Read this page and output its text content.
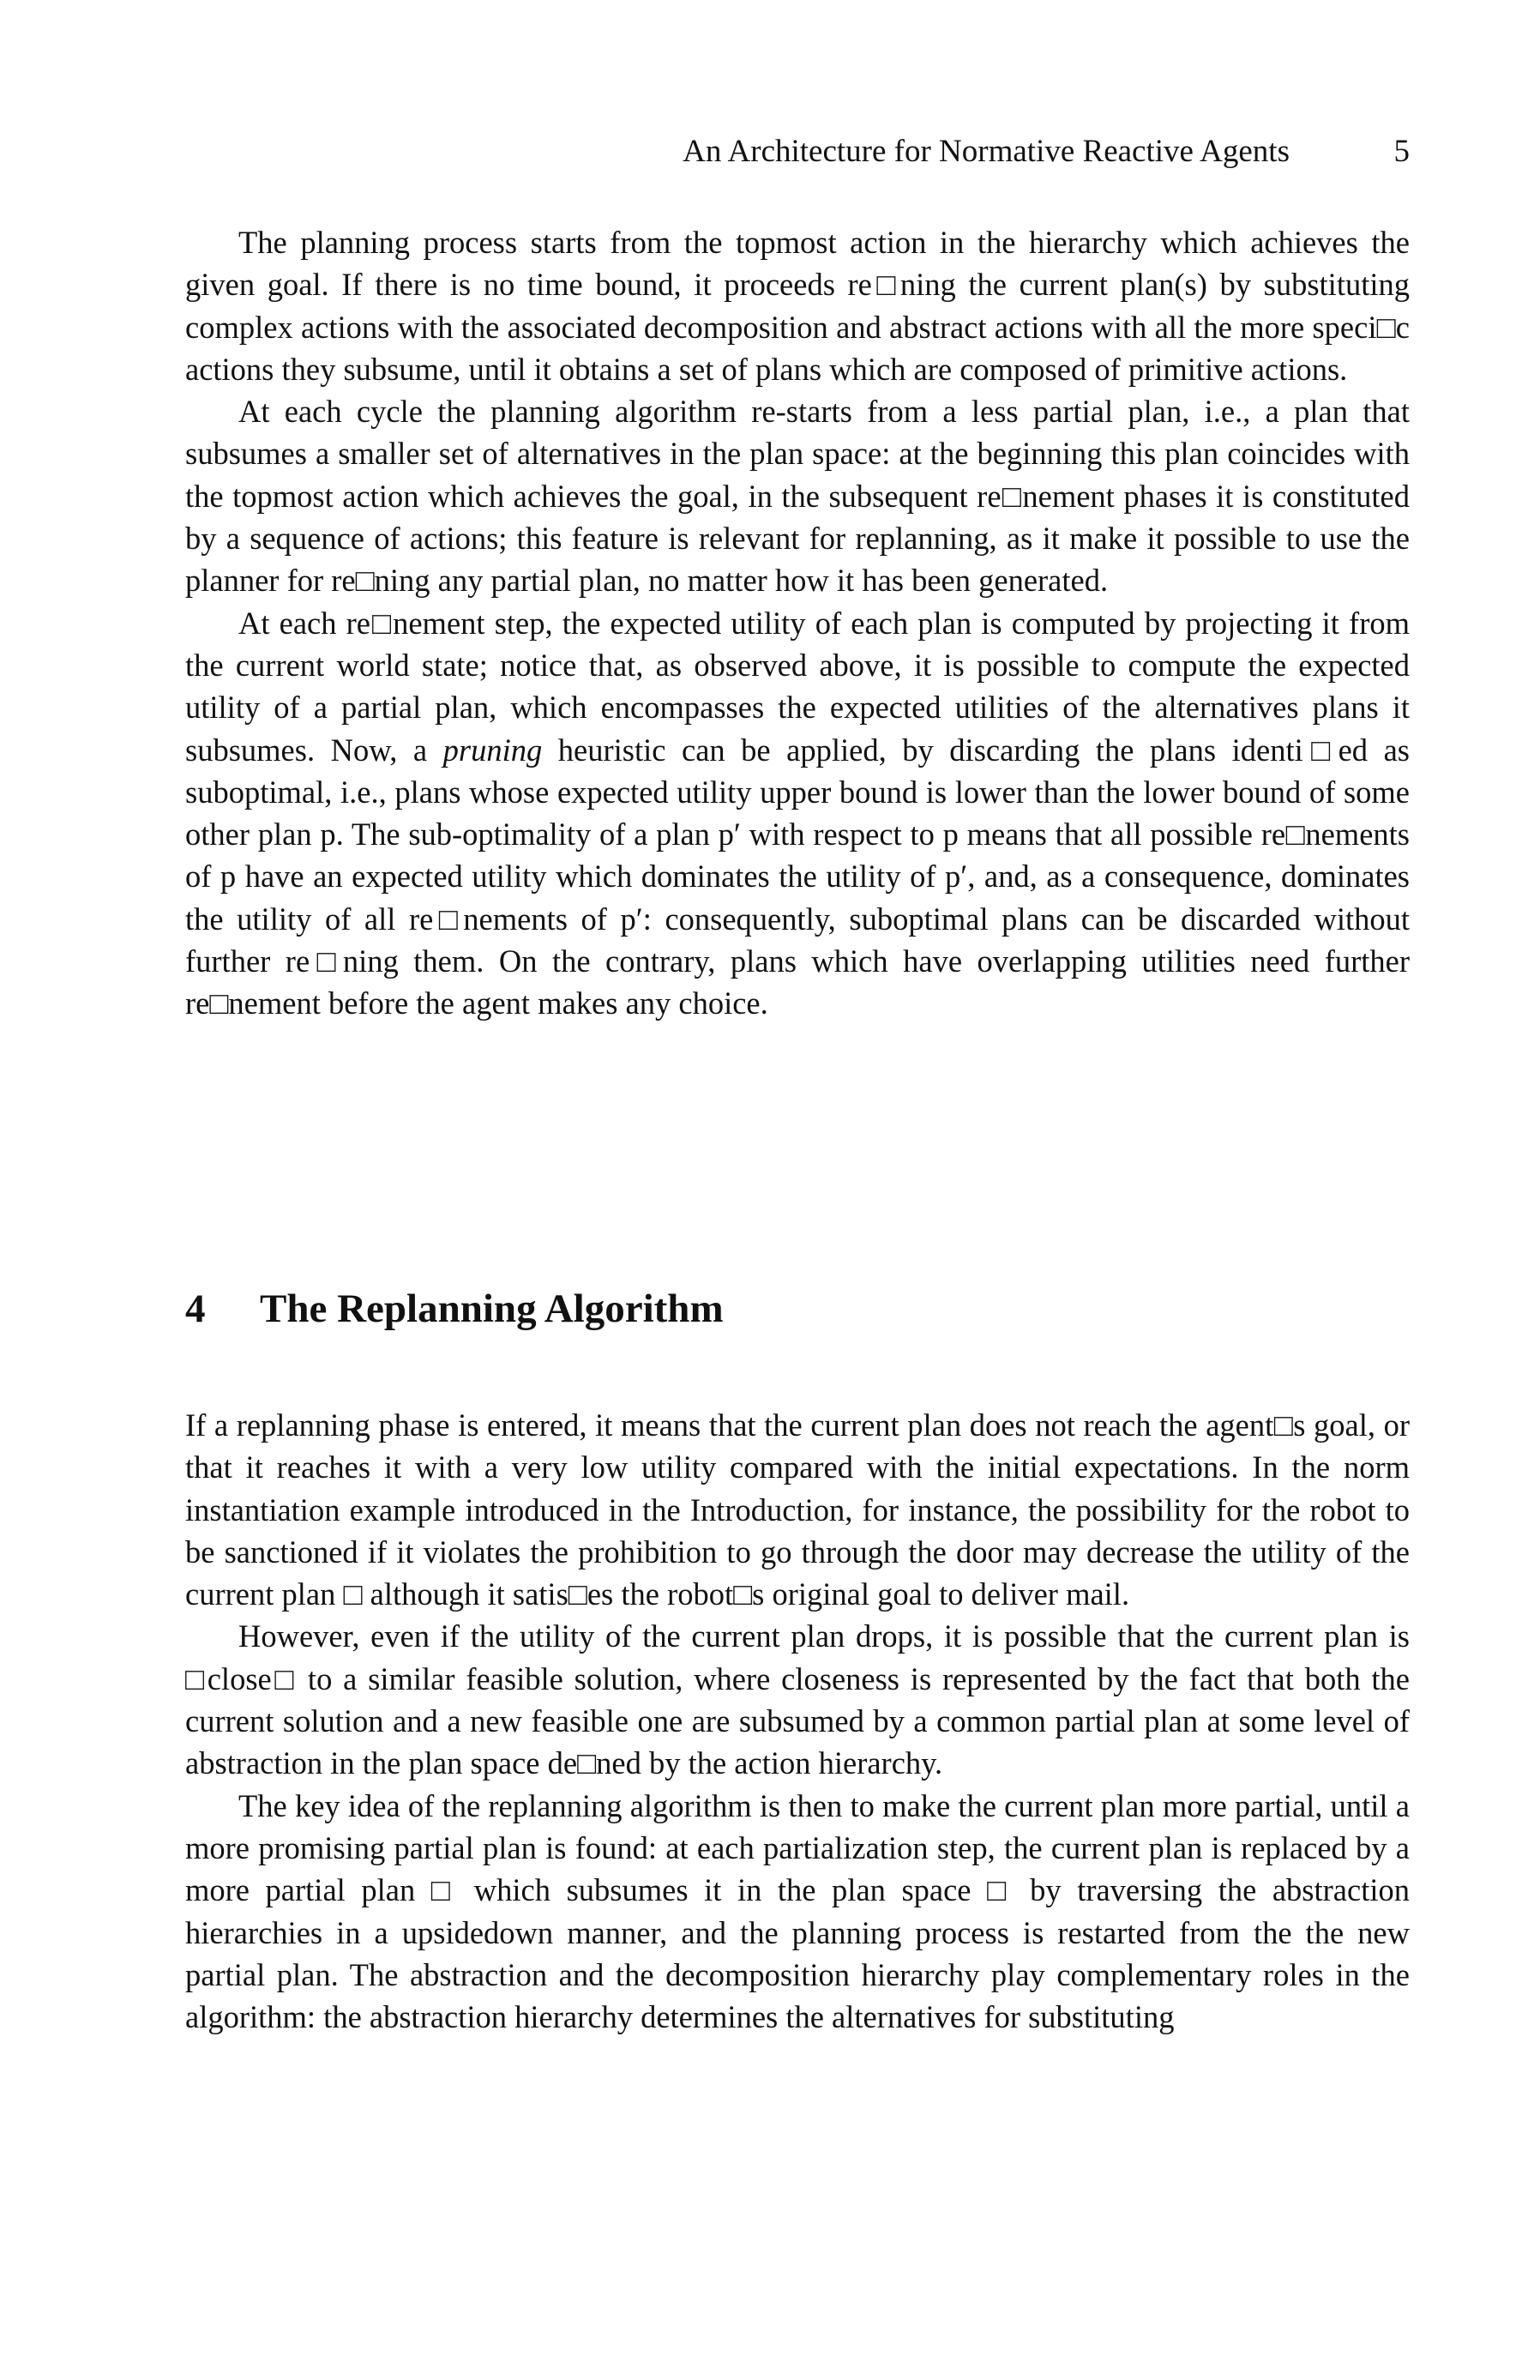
An Architecture for Normative Reactive Agents	5

The planning process starts from the topmost action in the hierarchy which achieves the given goal. If there is no time bound, it proceeds re□ning the current plan(s) by substituting complex actions with the associated decomposition and abstract actions with all the more speci□c actions they subsume, until it obtains a set of plans which are composed of primitive actions.

At each cycle the planning algorithm re-starts from a less partial plan, i.e., a plan that subsumes a smaller set of alternatives in the plan space: at the beginning this plan coincides with the topmost action which achieves the goal, in the subsequent re□nement phases it is constituted by a sequence of actions; this feature is relevant for replanning, as it make it possible to use the planner for re□ning any partial plan, no matter how it has been generated.

At each re□nement step, the expected utility of each plan is computed by projecting it from the current world state; notice that, as observed above, it is possible to compute the expected utility of a partial plan, which encompasses the expected utilities of the alternatives plans it subsumes. Now, a pruning heuristic can be applied, by discarding the plans identi□ed as suboptimal, i.e., plans whose expected utility upper bound is lower than the lower bound of some other plan p. The sub-optimality of a plan p′ with respect to p means that all possible re□nements of p have an expected utility which dominates the utility of p′, and, as a consequence, dominates the utility of all re□nements of p′: consequently, suboptimal plans can be discarded without further re□ning them. On the contrary, plans which have overlapping utilities need further re□nement before the agent makes any choice.

4 The Replanning Algorithm

If a replanning phase is entered, it means that the current plan does not reach the agent□s goal, or that it reaches it with a very low utility compared with the initial expectations. In the norm instantiation example introduced in the Introduction, for instance, the possibility for the robot to be sanctioned if it violates the prohibition to go through the door may decrease the utility of the current plan □ although it satis□es the robot□s original goal to deliver mail.

However, even if the utility of the current plan drops, it is possible that the current plan is □close□ to a similar feasible solution, where closeness is represented by the fact that both the current solution and a new feasible one are subsumed by a common partial plan at some level of abstraction in the plan space de□ned by the action hierarchy.

The key idea of the replanning algorithm is then to make the current plan more partial, until a more promising partial plan is found: at each partialization step, the current plan is replaced by a more partial plan □ which subsumes it in the plan space □ by traversing the abstraction hierarchies in a upsidedown manner, and the planning process is restarted from the the new partial plan. The abstraction and the decomposition hierarchy play complementary roles in the algorithm: the abstraction hierarchy determines the alternatives for substituting
